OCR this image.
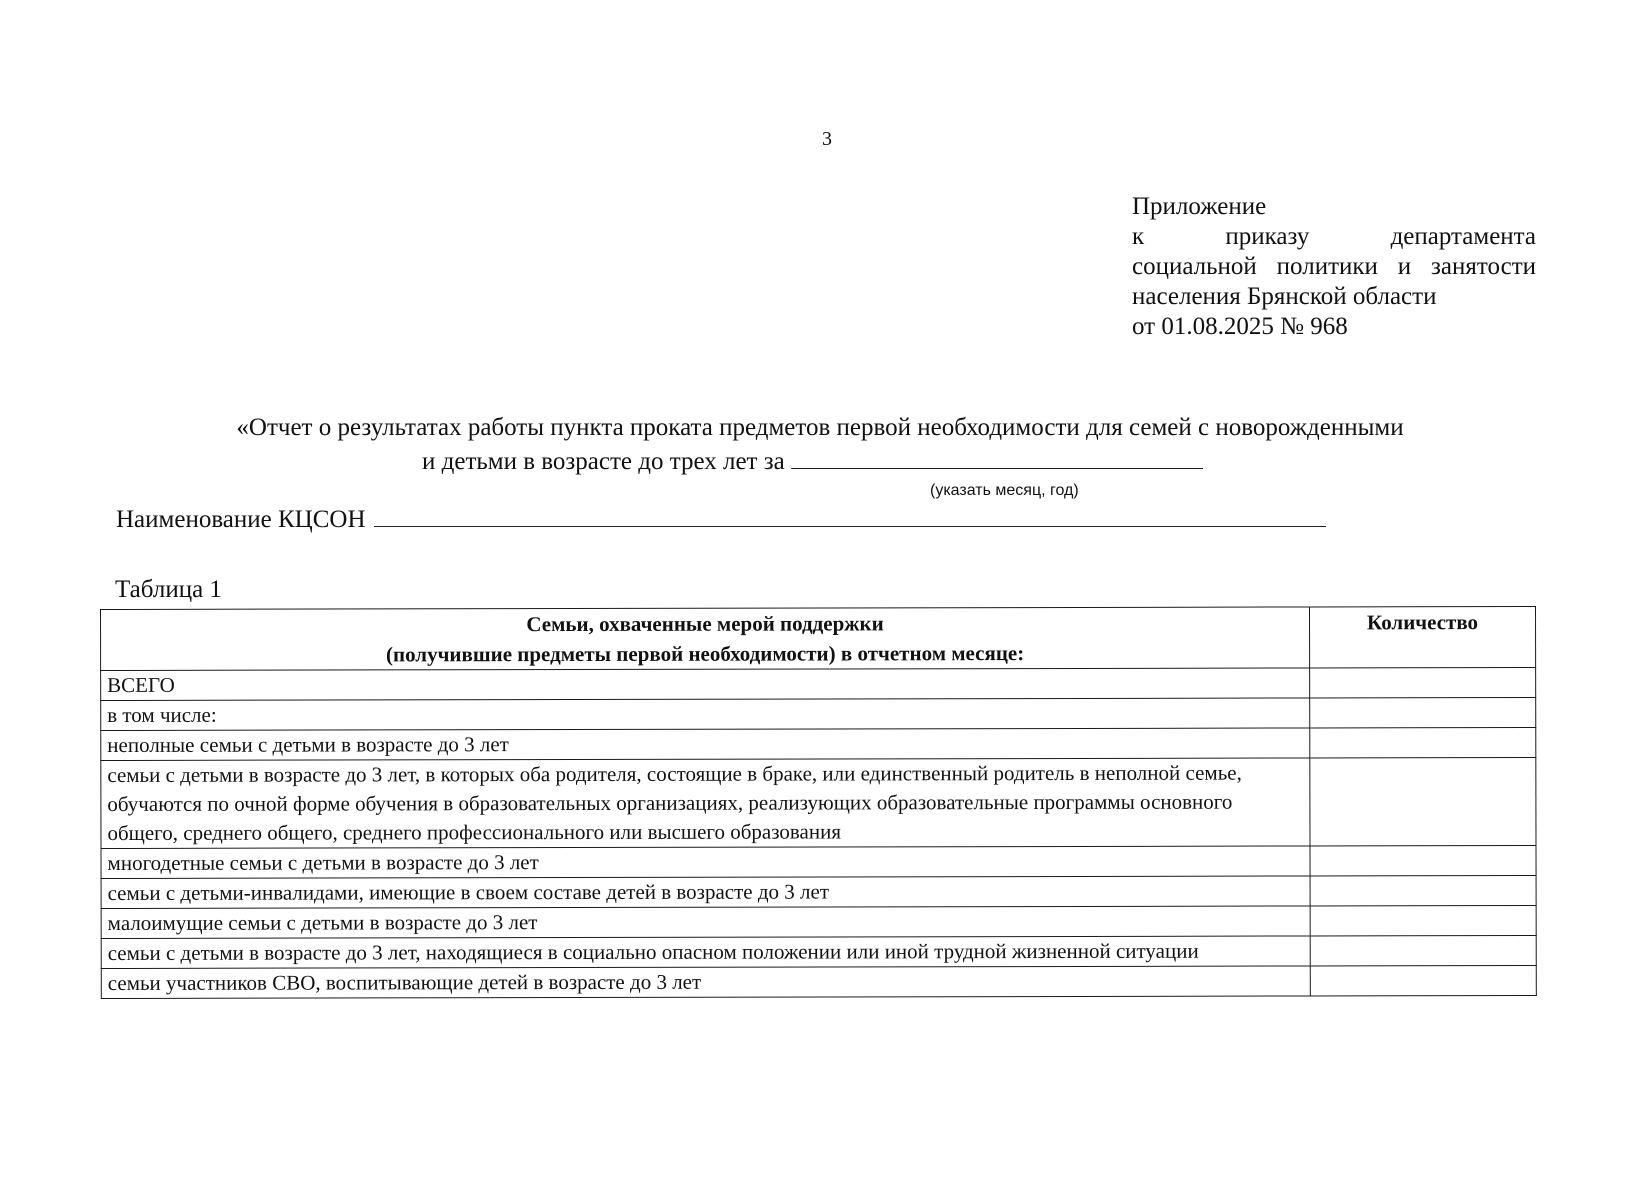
3
Приложение
к приказу департамента
социальной политики и занятости
населения Брянской области
от 01.08.2025 № 968
«Отчет о результатах работы пункта проката предметов первой необходимости для семей с новорожденными
и детьми в возрасте до трех лет за
(указать месяц, год)
Наименование КЦСОН
Таблица 1
Семьи, охваченные мерой поддержки
(получившие предметы первой необходимости) в отчетном месяце:	Количество
ВСЕГО	
в том числе:	
неполные семьи с детьми в возрасте до 3 лет	
семьи с детьми в возрасте до 3 лет, в которых оба родителя, состоящие в браке, или единственный родитель в неполной семье, обучаются по очной форме обучения в образовательных организациях, реализующих образовательные программы основного общего, среднего общего, среднего профессионального или высшего образования	
многодетные семьи с детьми в возрасте до 3 лет	
семьи с детьми-инвалидами, имеющие в своем составе детей в возрасте до 3 лет	
малоимущие семьи с детьми в возрасте до 3 лет	
семьи с детьми в возрасте до 3 лет, находящиеся в социально опасном положении или иной трудной жизненной ситуации	
семьи участников СВО, воспитывающие детей в возрасте до 3 лет	
